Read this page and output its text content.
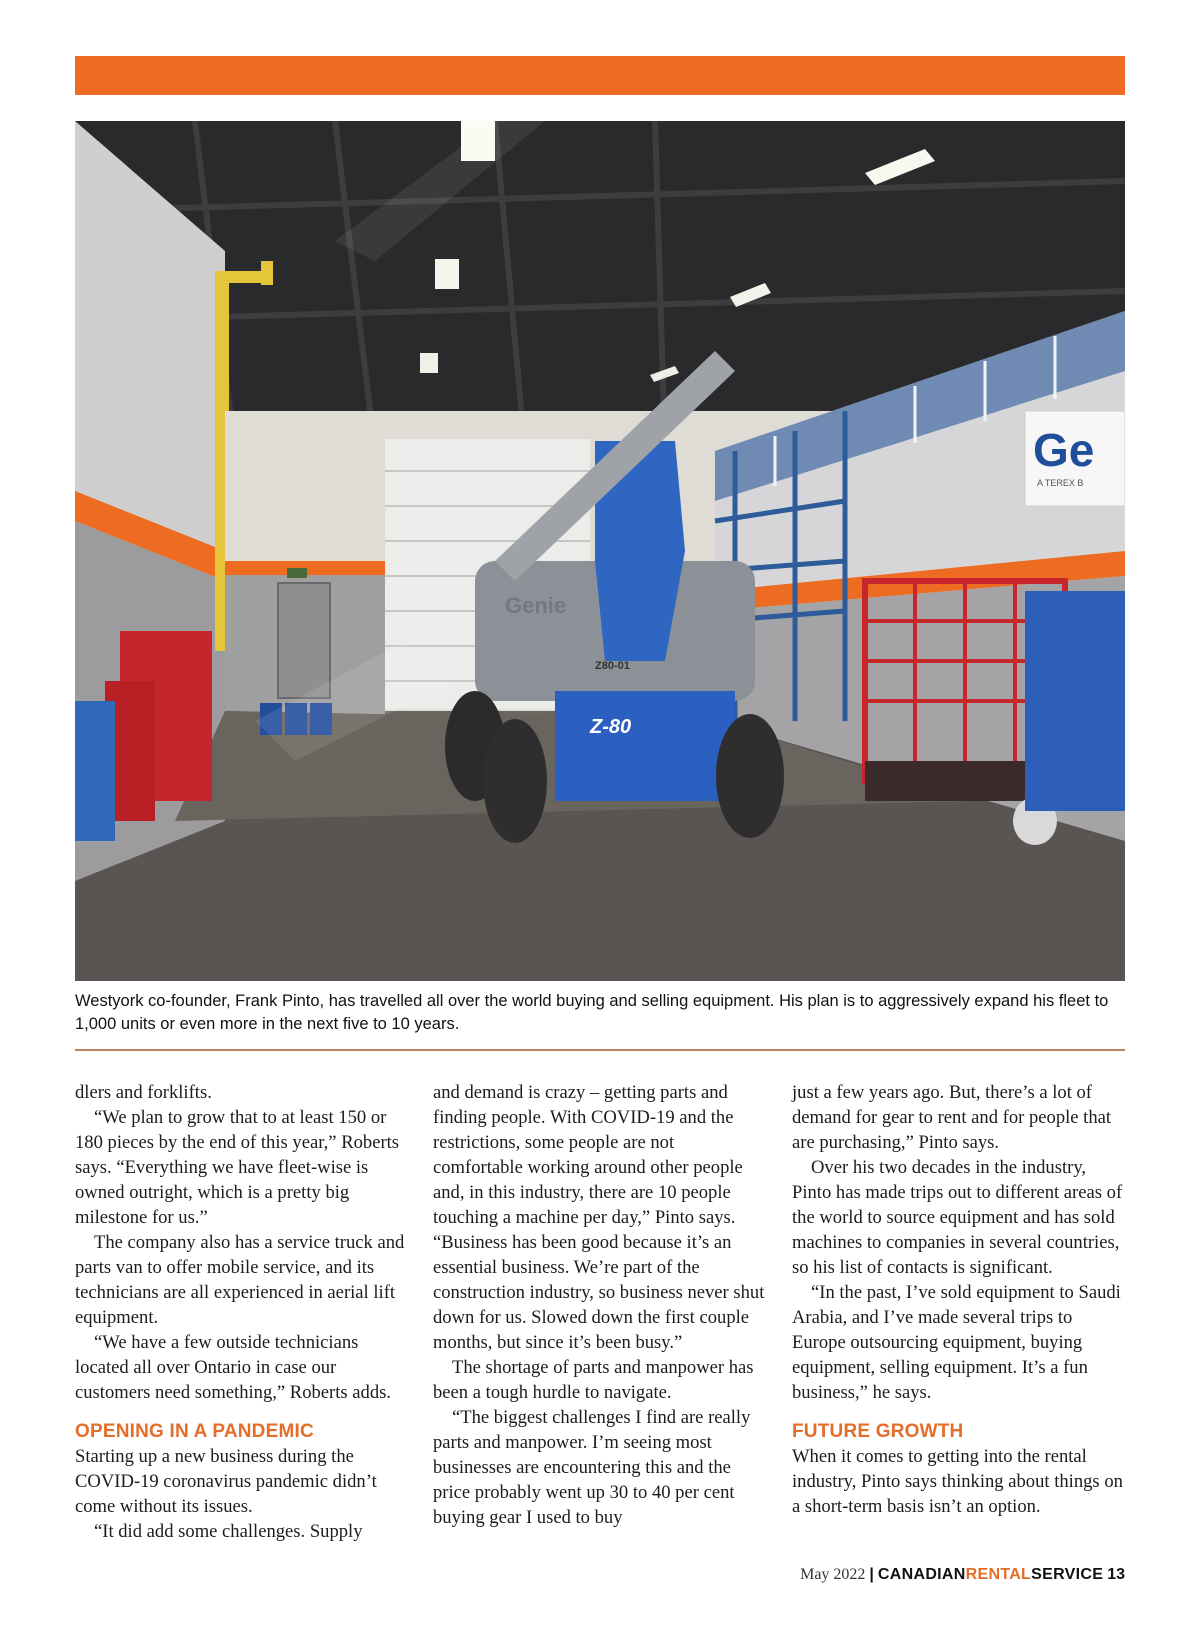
Ge
A TEREX B
Z-80
Z80-01
Genie
Westyork co-founder, Frank Pinto, has travelled all over the world buying and selling equipment. His plan is to aggressively expand his fleet to 1,000 units or even more in the next five to 10 years.

dlers and forklifts.

“We plan to grow that to at least 150 or 180 pieces by the end of this year,” Roberts says. “Everything we have fleet-wise is owned outright, which is a pretty big milestone for us.”

The company also has a service truck and parts van to offer mobile service, and its technicians are all experienced in aerial lift equipment.

“We have a few outside technicians located all over Ontario in case our customers need something,” Roberts adds.

OPENING IN A PANDEMIC

Starting up a new business during the COVID-19 coronavirus pandemic didn’t come without its issues.

“It did add some challenges. Supply

and demand is crazy – getting parts and finding people. With COVID-19 and the restrictions, some people are not comfortable working around other people and, in this industry, there are 10 people touching a machine per day,” Pinto says. “Business has been good because it’s an essential business. We’re part of the construction industry, so business never shut down for us. Slowed down the first couple months, but since it’s been busy.”

The shortage of parts and manpower has been a tough hurdle to navigate.

“The biggest challenges I find are really parts and manpower. I’m seeing most businesses are encountering this and the price probably went up 30 to 40 per cent buying gear I used to buy

just a few years ago. But, there’s a lot of demand for gear to rent and for people that are purchasing,” Pinto says.

Over his two decades in the industry, Pinto has made trips out to different areas of the world to source equipment and has sold machines to companies in several countries, so his list of contacts is significant.

“In the past, I’ve sold equipment to Saudi Arabia, and I’ve made several trips to Europe outsourcing equipment, buying equipment, selling equipment. It’s a fun business,” he says.

FUTURE GROWTH

When it comes to getting into the rental industry, Pinto says thinking about things on a short-term basis isn’t an option.

May 2022 | CANADIANRENTALSERVICE 13
